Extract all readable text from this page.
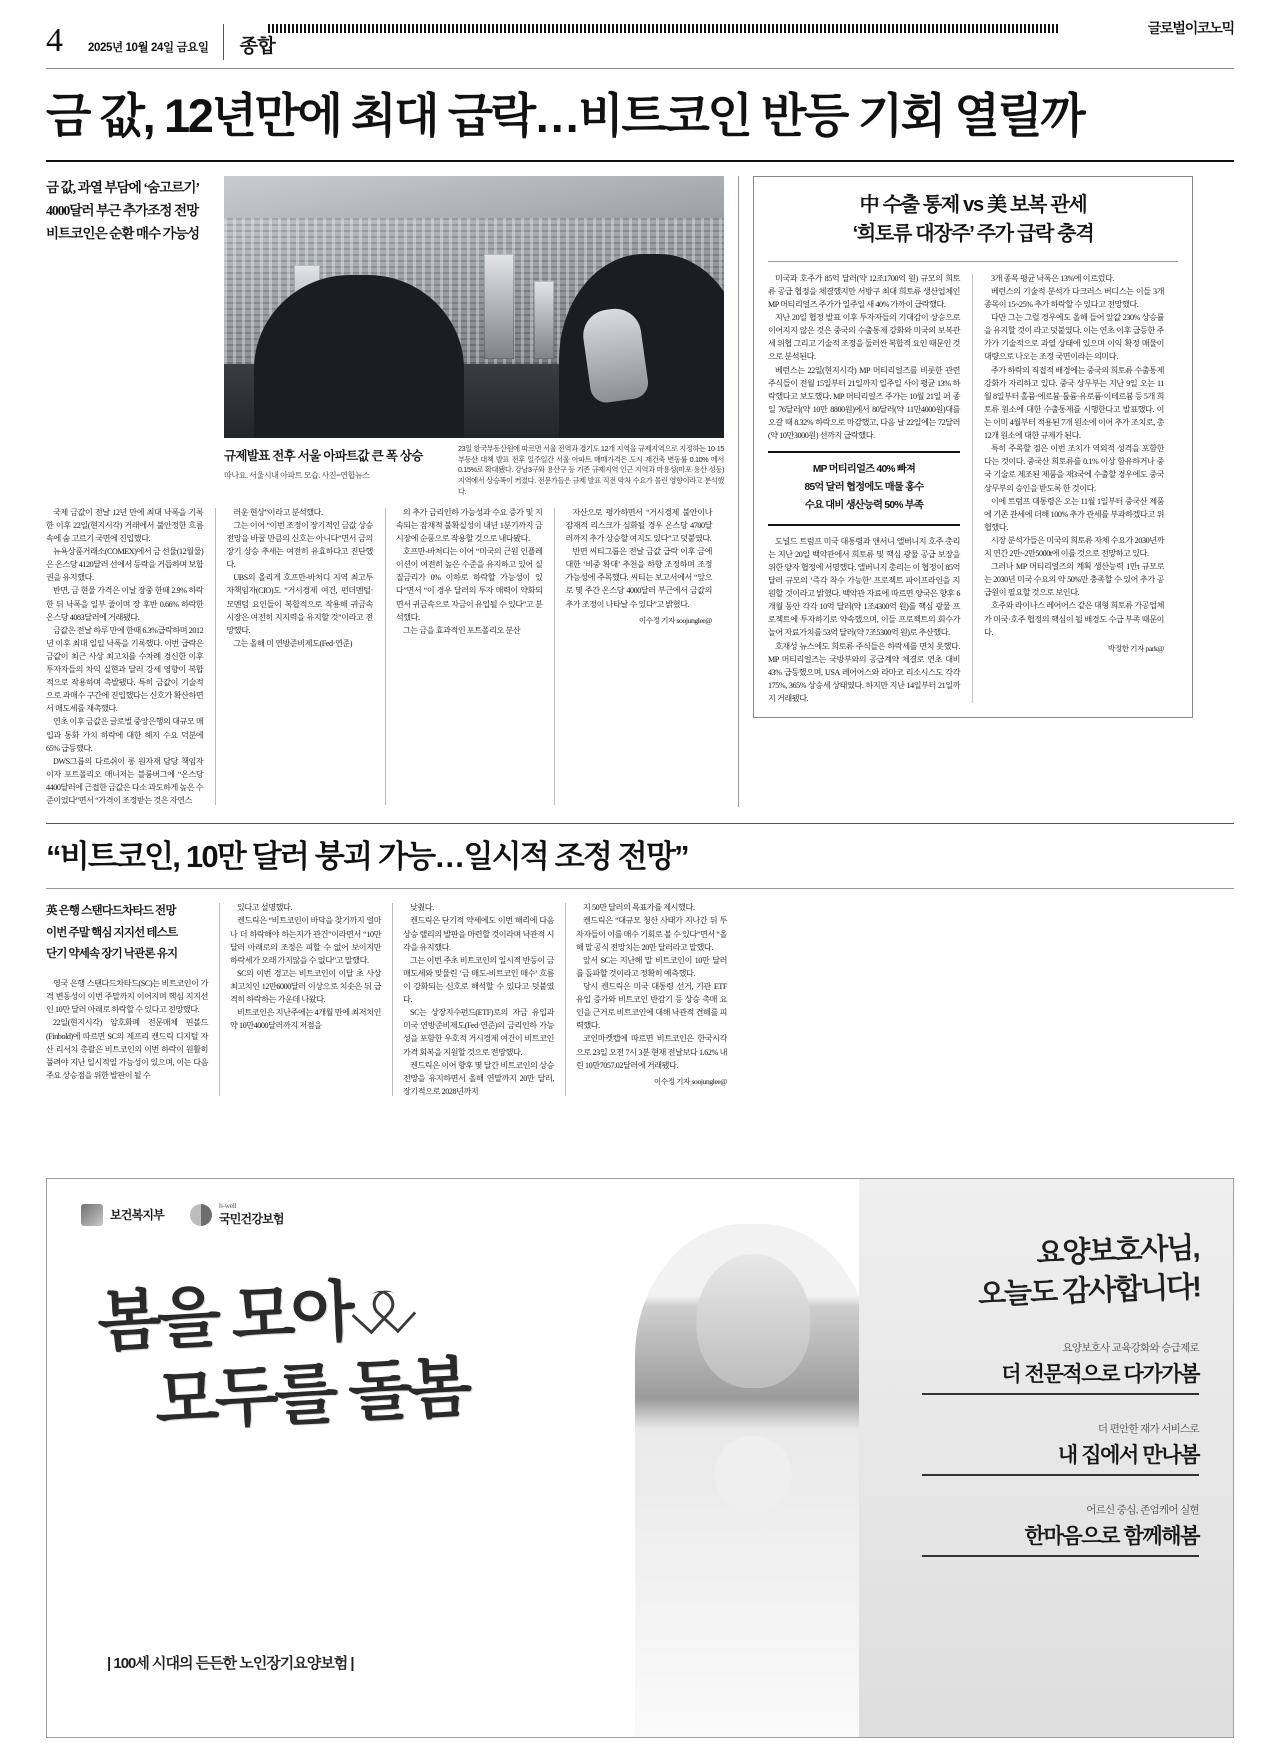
4	2025년 10월 24일 금요일	종합
글로벌이코노믹
금 값, 12년만에 최대 급락…비트코인 반등 기회 열릴까
금 값, 과열 부담에 ‘숨고르기’
4000달러 부근 추가조정 전망
비트코인은 순환 매수 가능성
규제발표 전후 서울 아파트값 큰 폭 상승
따나요. 서울시내 아파트 모습. 사진=연합뉴스
23일 한국부동산원에 따르면 서울 전역과 경기도 12개 지역을 규제지역으로 지정하는 10·15 부동산 대책 발표 전후 일주일간 서울 아파트 매매가격은 도시 재건축 변동률 0.10% 에서 0.15%로 확대됐다. 강남3구와 용산구 등 기존 규제지역 인근 지역과 마용성(마포·용산·성동) 지역에서 상승폭이 커졌다. 전문가들은 규제 발표 직전 막차 수요가 몰린 영향이라고 분석했다.

국제 금값이 전날 12년 만에 최대 낙폭을 기록한 이후 22일(현지시각) 거래에서 불안정한 흐름 속에 숨 고르기 국면에 진입했다.

뉴욕상품거래소(COMEX)에서 금 선물(12월물)은 온스당 4120달러 선에서 등락을 거듭하며 보합권을 유지했다.

반면, 금 현물 가격은 이날 장중 한때 2.9% 하락한 뒤 낙폭을 일부 줄이며 장 후반 0.66% 하락한 온스당 4083달러에 거래됐다.

금값은 전날 하루 만에 한때 6.3%급락하며 2012년 이후 최대 일일 낙폭을 기록했다. 이번 급락은 금값이 최근 사상 최고치를 수차례 경신한 이후 투자자들의 차익 실현과 달러 강세 영향이 복합적으로 작용하며 촉발됐다. 특히 금값이 기술적으로 과매수 구간에 진입했다는 신호가 확산하면서 매도세를 재촉했다.

연초 이후 금값은 글로벌 중앙은행의 대규모 매입과 통화 가치 하락에 대한 헤지 수요 덕분에 65% 급등했다.

DWS그룹의 다르쉬이 롱 원자재 담당 책임자이자 포트폴리오 매니저는 블룸버그에 “온스당 4400달러에 근접한 금값은 다소 과도하게 높은 수준이었다”면서 “가격이 조정받는 것은 자연스

러운 현상”이라고 분석했다.

그는 이어 “이번 조정이 장기적인 금값 상승 전망을 바꿀 만큼의 신호는 아니다”면서 금의 장기 상승 추세는 여전히 유효하다고 진단했다.

UBS의 올리게 호프만-바처디 지역 최고투자책임자(CIO)도 “거시경제 여건, 펀더멘털·모멘텀 요인들이 복합적으로 작용해 귀금속 시장은 여전히 지지력을 유지할 것”이라고 전망했다.

그는 올해 미 연방준비제도(Fed·연준)

의 추가 금리인하 가능성과 수요 증가 및 지속되는 잠재적 불확실성이 내년 1분기까지 금 시장에 순풍으로 작용할 것으로 내다봤다.

호프만-바처디는 이어 “미국의 근원 인플레이션이 여전히 높은 수준을 유지하고 있어 실질금리가 0% 이하로 하락할 가능성이 있다”면서 “이 경우 달러의 투자 매력이 약화되면서 귀금속으로 자금이 유입될 수 있다”고 분석했다.

그는 금을 효과적인 포트폴리오 분산

자산으로 평가하면서 “거시경제 불안이나 잠재적 리스크가 심화될 경우 온스당 4700달러까지 추가 상승할 여지도 있다”고 덧붙였다.

반면 씨티그룹은 전날 금값 급락 이후 금에 대한 ‘비중 확대’ 추천을 하향 조정하며 조정 가능성에 주목했다. 씨티는 보고서에서 “앞으로 몇 주간 온스당 4000달러 부근에서 금값의 추가 조정이 나타날 수 있다”고 밝혔다.

이수정 기자 soojunglee@
中 수출 통제 vs 美 보복 관세
‘희토류 대장주’ 주가 급락 충격

미국과 호주가 85억 달러(약 12조1700억 원) 규모의 희토류 공급 협정을 체결했지만 서방구 최대 희토류 생산업체인 MP 머티리얼즈 주가가 일주일 새 40% 가까이 급락했다.

지난 20일 협정 발표 이후 투자자들의 기대감이 상승으로 이어지지 않은 것은 중국의 수출통제 강화와 미국의 보복관세 위협 그리고 기술적 조정을 둘러싼 복합적 요인 때문인 것으로 분석된다.

베런스는 22일(현지시각) MP 머티리얼즈를 비롯한 관련 주식들이 전월 15일부터 21일까지 일주일 사이 평균 13% 하락했다고 보도했다. MP 머티리얼즈 주가는 10월 21일 퍼 종일 76달러(약 10만 8800원)에서 80달러(약 11만4000원)대를 오갈 때 8.32% 하락으로 마감했고, 다음 날 22일에는 72달러(약 10만3000원) 선까지 급락했다.

MP 머티리얼즈 40% 빠져
85억 달러 협정에도 매물 홍수
수요 대비 생산능력 50% 부족

도널드 트럼프 미국 대통령과 앤서니 앨버니지 호주 총리는 지난 20일 백악관에서 희토류 및 핵심 광물 공급 보장을 위한 양자 협정에 서명했다. 앨버니지 총리는 이 협정이 85억 달러 규모의 ‘즉각 착수 가능한’ 프로젝트 파이프라인을 지원할 것이라고 밝혔다. 백악관 자료에 따르면 양국은 향후 6개월 동안 각각 10억 달러(약 1조4300억 원)를 핵심 광물 프로젝트에 투자하기로 약속했으며, 이들 프로젝트의 회수가 늘어 자료가치를 53억 달러(약 7조5300억 원)로 추산했다.

호재성 뉴스에도 희토류 주식들은 하락세를 면치 못했다. MP 머티리얼즈는 국방부와의 공급계약 체결로 연초 대비 43% 급등했으며, USA 레어어스와 라마코 리소시스도 각각 175%, 365% 상승세 상태였다. 하지만 지난 14일부터 21일까지 거래됐다.

3개 종목 평균 낙폭은 13%에 이르렀다.

베런스의 기술적 분석가 다크러스 버디스는 이들 3개 종목이 15~25% 추가 하락할 수 있다고 전망했다.

다만 그는 그럴 경우에도 올해 들어 앞값 230% 상승률을 유지할 것이 라고 덧붙였다. 이는 연초 이후 급등한 주가가 기술적으로 과열 상태에 있으며 이익 확정 매물이 대량으로 나오는 조정 국면이라는 의미다.

주가 하락의 직접적 배경에는 중국의 희토류 수출통제 강화가 자리하고 있다. 중국 상무부는 지난 9일 오는 11월 8일부터 홀뮴·에르븀·툴륨·유로퓸·이테르븀 등 5개 희토류 원소에 대한 수출통제를 시행한다고 발표했다. 이는 이미 4월부터 적용된 7개 원소에 이어 추가 조치로, 총 12개 원소에 대한 규제가 된다.

특히 주목할 점은 이번 조치가 역외적 성격을 포함한다는 것이다. 중국산 희토류를 0.1% 이상 함유하거나 중국 기술로 제조된 제품을 재3국에 수출할 경우에도 중국 상무부의 승인을 받도록 한 것이다.

이에 트럼프 대통령은 오는 11월 1일부터 중국산 제품에 기존 관세에 더해 100% 추가 관세를 부과하겠다고 위협했다.

시장 분석가들은 미국의 희토류 자체 수요가 2030년까지 연간 2만~2만5000t에 이를 것으로 전망하고 있다.

그러나 MP 머티리얼즈의 계획 생산능력 1만t 규모로는 2030년 미국 수요의 약 50%만 충족할 수 있어 추가 공급원이 필요할 것으로 보인다.

호주와 라이나스 레어어스 같은 대형 희토류 가공업체가 미국·호주 협정의 핵심이 될 배경도 수급 부족 때문이다.

박정한 기자 park@
“비트코인, 10만 달러 붕괴 가능…일시적 조정 전망”
英 은행 스탠다드차타드 전망
이번 주말 핵심 지지선 테스트
단기 약세속 장기 낙관론 유지

영국 은행 스탠다드차타드(SC)는 비트코인이 가격 변동성이 이번 주말까지 이어지며 핵심 지지선인 10만 달러 아래로 하락할 수 있다고 전망했다.

22일(현지시각) 암호화폐 전문매체 핀볼드(Finbold)에 따르면 SC의 제프리 켄드릭 디지털 자산 리서치 총괄은 비트코인의 이번 하락이 원활히 풀려야 지난 일시적일 가능성이 있으며, 이는 다음 주요 상승점을 위한 발판이 될 수

있다고 설명했다.

켄드릭은 “비트코인이 바닥을 찾기까지 얼마나 더 하락해야 하는지가 관건”이라면서 “10만 달러 아래로의 조정은 피할 수 없어 보이지만 하락세가 오래 가지않을 수 없다”고 말했다.

SC의 이번 경고는 비트코인이 이달 초 사상 최고치인 12만6000달러 이상으로 치솟은 뒤 급격히 하락하는 가운데 나왔다.

비트코인은 지난주에는 4개월 만에 최저치인 약 10만4000달러까지 저점을

낮췄다.

켄드릭은 단기적 약세에도 이번 해리에 다음 상승 랠리의 발판을 마련할 것이라며 낙관적 시각을 유지했다.

그는 이번 주초 비트코인의 일시적 반등이 금 매도세와 맞물린 ‘금 매도-비트코인 매수’ 흐름이 강화되는 신호로 해석할 수 있다고 덧붙였다.

SC는 상장지수펀드(ETF)로의 자금 유입과 미국 연방준비제도(Fed·연준)의 금리인하 가능성을 포함한 우호적 거시경제 여건이 비트코인 가격 회복을 지원할 것으로 전망했다.

켄드릭은 이어 향후 몇 달간 비트코인의 상승 전망을 유지하면서 올해 연말까지 20만 달러, 장기적으로 2028년까지

지 50만 달러의 목표가를 제시했다.

켄드릭은 “대규모 청산 사태가 지나간 뒤 투자자들이 이를 매수 기회로 볼 수 있다”면서 “올해 말 공식 전망치는 20만 달러라고 말했다.

앞서 SC는 지난해 말 비트코인이 10만 달러를 돌파할 것이라고 정확히 예측했다.

당시 켄드릭은 미국 대통령 선거, 기관 ETF 유입 증가와 비트코인 반감기 등 상승 촉매 요인을 근거로 비트코인에 대해 낙관적 견해를 피력했다.

코인마켓캡에 따르면 비트코인은 한국시각으로 23일 오전 7시 3분 현재 전날보다 1.62% 내린 10만7057.02달러에 거래됐다.

이수정 기자 soojunglee@
보건복지부
h-well
국민건강보험
봄을 모아
모두를 돌봄
| 100세 시대의 든든한 노인장기요양보험 |
요양보호사님,
오늘도 감사합니다!
요양보호사 교육강화와 승급제로
더 전문적으로 다가가봄
더 편안한 재가 서비스로
내 집에서 만나봄
어르신 중심, 존엄케어 실현
한마음으로 함께해봄
